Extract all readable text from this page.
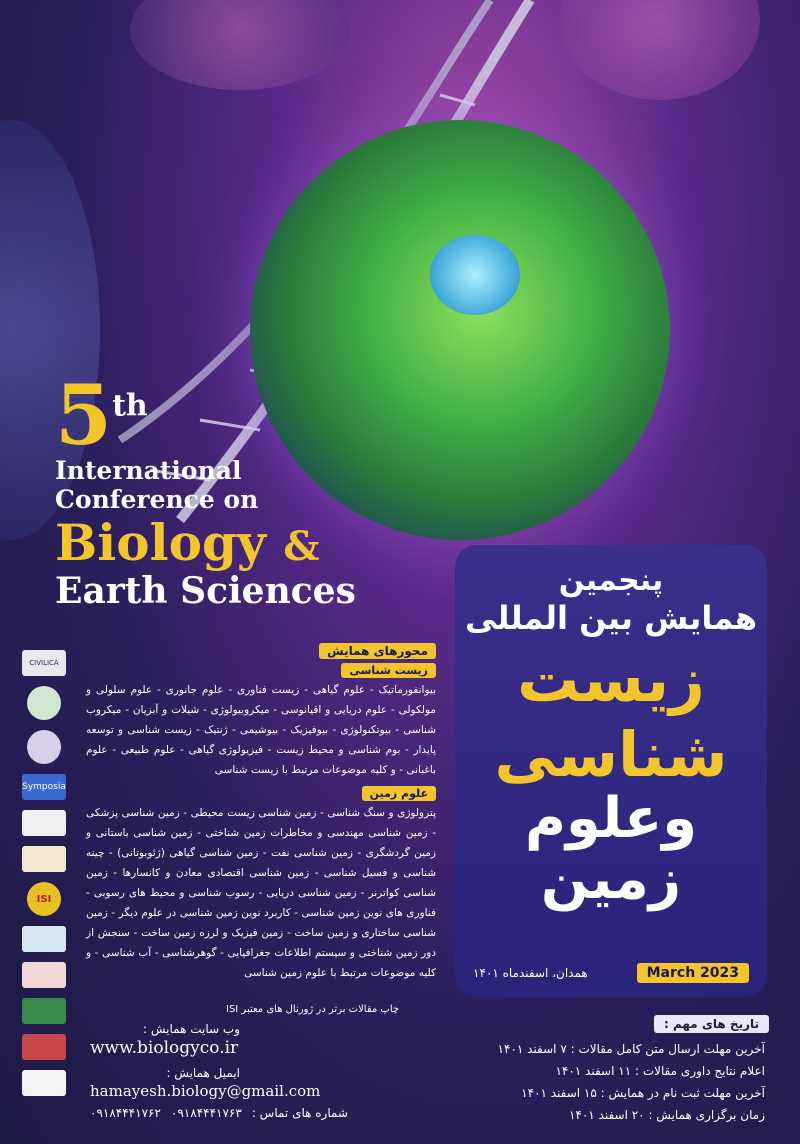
5th
International
Conference on
Biology &
Earth Sciences
CIVILICA
Symposia
ISI
محورهای همایش
زیست شناسی
بیوانفورماتیک - علوم گیاهی - زیست فناوری - علوم جانوری - علوم سلولی و مولکولی - علوم دریایی و اقیانوسی - میکروبیولوژی - شیلات و آبزیان - میکروب شناسی - بیوتکنولوژی - بیوفیزیک - بیوشیمی - ژنتیک - زیست شناسی و توسعه پایدار - بوم شناسی و محیط زیست - فیزیولوژی گیاهی - علوم طبیعی - علوم باغبانی - و کلیه موضوعات مرتبط با زیست شناسی
علوم زمین
پترولوژی و سنگ شناسی - زمین شناسی زیست محیطی - زمین شناسی پزشکی - زمین شناسی مهندسی و مخاطرات زمین شناختی - زمین شناسی باستانی و زمین گردشگری - زمین شناسی نفت - زمین شناسی گیاهی (ژئوبوتانی) - چینه شناسی و فسیل شناسی - زمین شناسی اقتصادی معادن و کانسارها - زمین شناسی کواترنر - زمین شناسی دریایی - رسوب شناسی و محیط های رسوبی - فناوری های نوین زمین شناسی - کاربرد نوین زمین شناسی در علوم دیگر - زمین شناسی ساختاری و زمین ساخت - زمین فیزیک و لرزه زمین ساخت - سنجش از دور زمین شناختی و سیستم اطلاعات جغرافیایی - گوهرشناسی - آب شناسی - و کلیه موضوعات مرتبط با علوم زمین شناسی
پنجمین
همایش بین المللی
زیست
شناسی
وعلوم
زمین
March 2023
همدان، اسفندماه ۱۴۰۱
چاپ مقالات برتر در ژورنال های معتبر ISI
وب سایت همایش :
www.biologyco.ir
ایمیل همایش :
hamayesh.biology@gmail.com
شماره های تماس :
۰۹۱۸۴۴۴۱۷۶۳
۰۹۱۸۴۴۴۱۷۶۲
تاریخ های مهم :
آخرین مهلت ارسال متن کامل مقالات : ۷ اسفند ۱۴۰۱
اعلام نتایج داوری مقالات : ۱۱ اسفند ۱۴۰۱
آخرین مهلت ثبت نام در همایش : ۱۵ اسفند ۱۴۰۱
زمان برگزاری همایش : ۲۰ اسفند ۱۴۰۱
